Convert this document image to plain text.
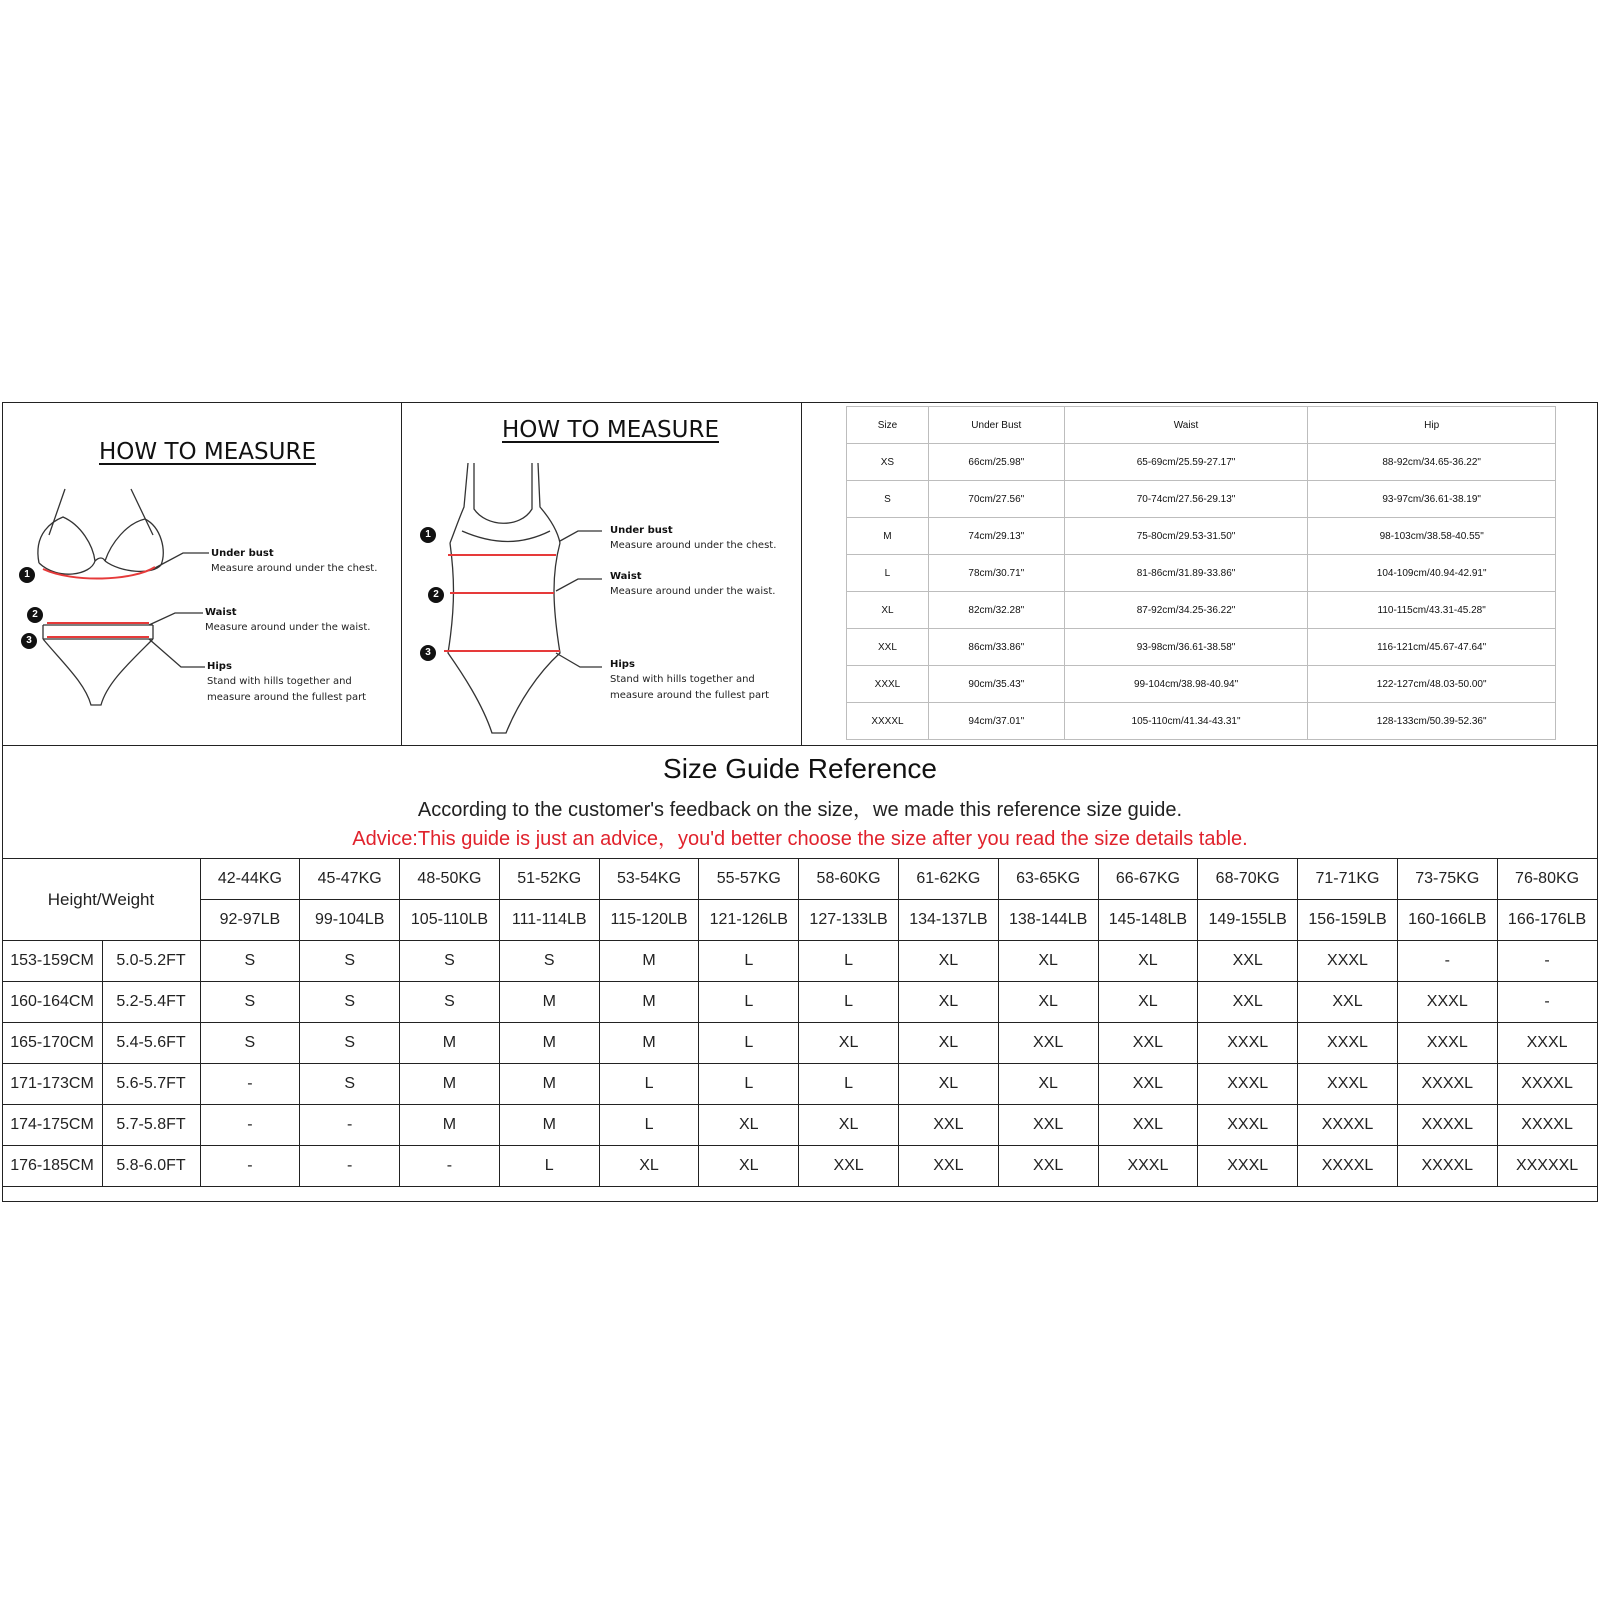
HOW TO MEASURE
1
2
3
Under bust
Measure around under the chest.
Waist
Measure around under the waist.
Hips
Stand with hills together and measure around the fullest part
HOW TO MEASURE
1
2
3
Under bust
Measure around under the chest.
Waist
Measure around under the waist.
Hips
Stand with hills together and measure around the fullest part
Size	Under Bust	Waist	Hip
XS	66cm/25.98"	65-69cm/25.59-27.17"	88-92cm/34.65-36.22"
S	70cm/27.56"	70-74cm/27.56-29.13"	93-97cm/36.61-38.19"
M	74cm/29.13"	75-80cm/29.53-31.50"	98-103cm/38.58-40.55"
L	78cm/30.71"	81-86cm/31.89-33.86"	104-109cm/40.94-42.91"
XL	82cm/32.28"	87-92cm/34.25-36.22"	110-115cm/43.31-45.28"
XXL	86cm/33.86"	93-98cm/36.61-38.58"	116-121cm/45.67-47.64"
XXXL	90cm/35.43"	99-104cm/38.98-40.94"	122-127cm/48.03-50.00"
XXXXL	94cm/37.01"	105-110cm/41.34-43.31"	128-133cm/50.39-52.36"
Size Guide Reference
According to the customer's feedback on the size，we made this reference size guide.
Advice:This guide is just an advice，you'd better choose the size after you read the size details table.
Height/Weight		42-44KG	45-47KG	48-50KG	51-52KG	53-54KG	55-57KG	58-60KG	61-62KG	63-65KG	66-67KG	68-70KG	71-71KG	73-75KG	76-80KG
		92-97LB	99-104LB	105-110LB	111-114LB	115-120LB	121-126LB	127-133LB	134-137LB	138-144LB	145-148LB	149-155LB	156-159LB	160-166LB	166-176LB
153-159CM	5.0-5.2FT	S	S	S	S	M	L	L	XL	XL	XL	XXL	XXXL	-	-
160-164CM	5.2-5.4FT	S	S	S	M	M	L	L	XL	XL	XL	XXL	XXL	XXXL	-
165-170CM	5.4-5.6FT	S	S	M	M	M	L	XL	XL	XXL	XXL	XXXL	XXXL	XXXL	XXXL
171-173CM	5.6-5.7FT	-	S	M	M	L	L	L	XL	XL	XXL	XXXL	XXXL	XXXXL	XXXXL
174-175CM	5.7-5.8FT	-	-	M	M	L	XL	XL	XXL	XXL	XXL	XXXL	XXXXL	XXXXL	XXXXL
176-185CM	5.8-6.0FT	-	-	-	L	XL	XL	XXL	XXL	XXL	XXXL	XXXL	XXXXL	XXXXL	XXXXXL
